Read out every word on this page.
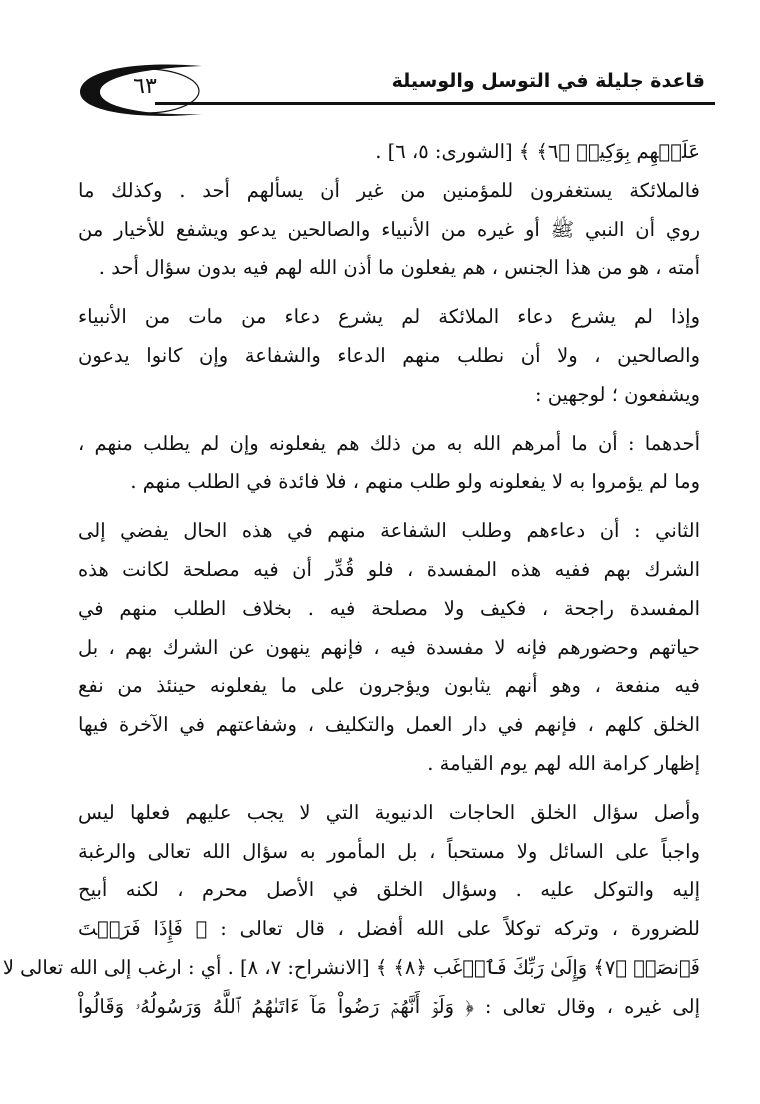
٦٣	قاعدة جليلة في التوسل والوسيلة
عَلَيۡهِم بِوَكِيلٖ ﴿٦﴾ ﴾ [الشورى: ٥، ٦] .
فالملائكة يستغفرون للمؤمنين من غير أن يسألهم أحد . وكذلك ما
روي أن النبي ﷺ أو غيره من الأنبياء والصالحين يدعو ويشفع للأخيار من
أمته ، هو من هذا الجنس ، هم يفعلون ما أذن الله لهم فيه بدون سؤال أحد .
وإذا لم يشرع دعاء الملائكة لم يشرع دعاء من مات من الأنبياء
والصالحين ، ولا أن نطلب منهم الدعاء والشفاعة وإن كانوا يدعون
ويشفعون ؛ لوجهين :
أحدهما : أن ما أمرهم الله به من ذلك هم يفعلونه وإن لم يطلب منهم ،
وما لم يؤمروا به لا يفعلونه ولو طلب منهم ، فلا فائدة في الطلب منهم .
الثاني : أن دعاءهم وطلب الشفاعة منهم في هذه الحال يفضي إلى
الشرك بهم ففيه هذه المفسدة ، فلو قُدِّر أن فيه مصلحة لكانت هذه
المفسدة راجحة ، فكيف ولا مصلحة فيه . بخلاف الطلب منهم في
حياتهم وحضورهم فإنه لا مفسدة فيه ، فإنهم ينهون عن الشرك بهم ، بل
فيه منفعة ، وهو أنهم يثابون ويؤجرون على ما يفعلونه حينئذ من نفع
الخلق كلهم ، فإنهم في دار العمل والتكليف ، وشفاعتهم في الآخرة فيها
إظهار كرامة الله لهم يوم القيامة .
وأصل سؤال الخلق الحاجات الدنيوية التي لا يجب عليهم فعلها ليس
واجباً على السائل ولا مستحباً ، بل المأمور به سؤال الله تعالى والرغبة
إليه والتوكل عليه . وسؤال الخلق في الأصل محرم ، لكنه أبيح
للضرورة ، وتركه توكلاً على الله أفضل ، قال تعالى : ﴿ فَإِذَا فَرَغۡتَ
فَٱنصَبۡ ﴿٧﴾ وَإِلَىٰ رَبِّكَ فَٱرۡغَب ﴿٨﴾ ﴾ [الانشراح: ٧، ٨] . أي : ارغب إلى الله تعالى لا
إلى غيره ، وقال تعالى : ﴿ وَلَوۡ أَنَّهُمۡ رَضُواْ مَآ ءَاتَىٰهُمُ ٱللَّهُ وَرَسُولُهُۥ وَقَالُواْ
